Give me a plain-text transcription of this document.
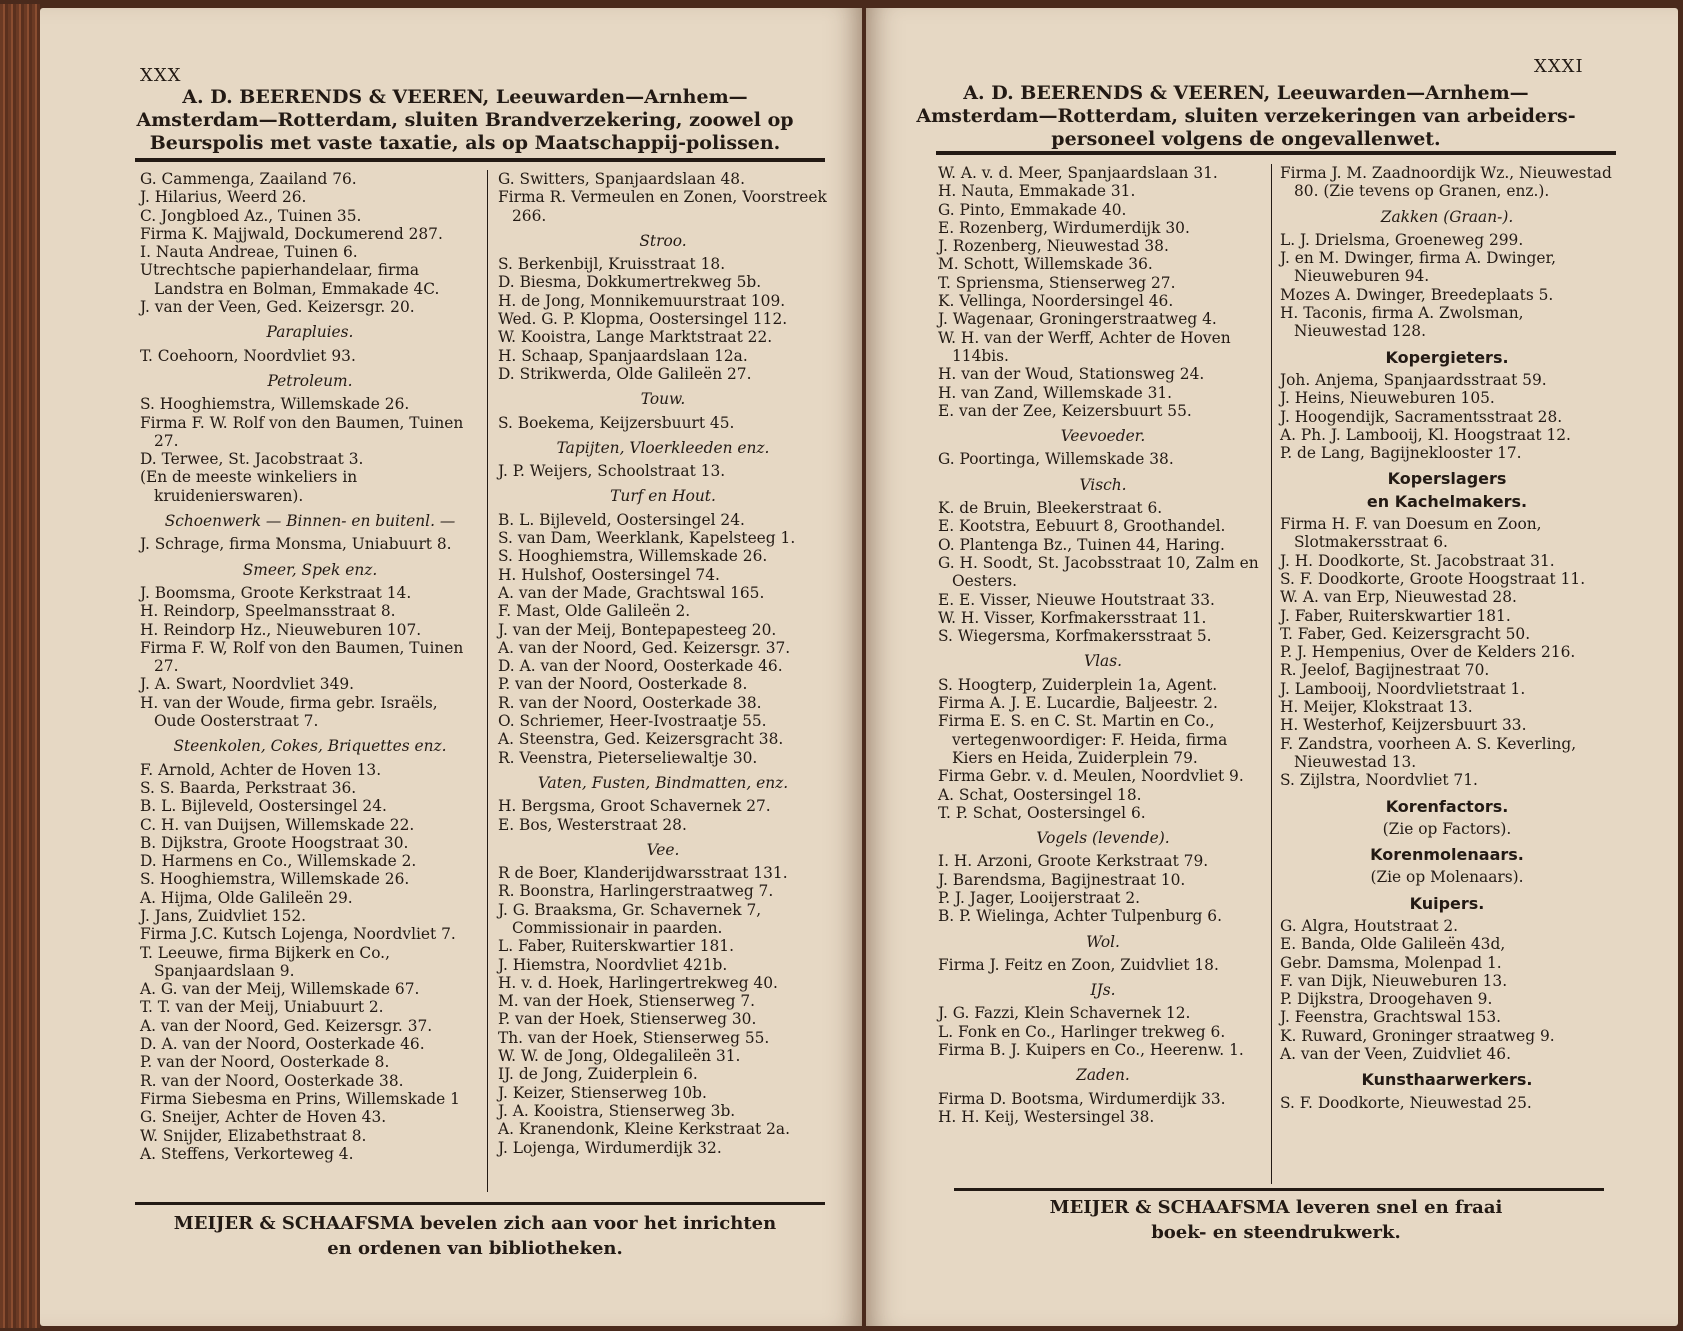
XXX
A. D. BEERENDS & VEEREN, Leeuwarden—Arnhem—
Amsterdam—Rotterdam, sluiten Brandverzekering, zoowel op
Beurspolis met vaste taxatie, als op Maatschappij-polissen.
G. Cammenga, Zaailand 76.
J. Hilarius, Weerd 26.
C. Jongbloed Az., Tuinen 35.
Firma K. Majjwald, Dockumerend 287.
I. Nauta Andreae, Tuinen 6.
Utrechtsche papierhandelaar, firma Landstra en Bolman, Emmakade 4C.
J. van der Veen, Ged. Keizersgr. 20.
Parapluies.
T. Coehoorn, Noordvliet 93.
Petroleum.
S. Hooghiemstra, Willemskade 26.
Firma F. W. Rolf von den Baumen, Tuinen 27.
D. Terwee, St. Jacobstraat 3.
(En de meeste winkeliers in kruidenierswaren).
Schoenwerk — Binnen- en buitenl. —
J. Schrage, firma Monsma, Uniabuurt 8.
Smeer, Spek enz.
J. Boomsma, Groote Kerkstraat 14.
H. Reindorp, Speelmansstraat 8.
H. Reindorp Hz., Nieuweburen 107.
Firma F. W, Rolf von den Baumen, Tuinen 27.
J. A. Swart, Noordvliet 349.
H. van der Woude, firma gebr. Israëls, Oude Oosterstraat 7.
Steenkolen, Cokes, Briquettes enz.
F. Arnold, Achter de Hoven 13.
S. S. Baarda, Perkstraat 36.
B. L. Bijleveld, Oostersingel 24.
C. H. van Duijsen, Willemskade 22.
B. Dijkstra, Groote Hoogstraat 30.
D. Harmens en Co., Willemskade 2.
S. Hooghiemstra, Willemskade 26.
A. Hijma, Olde Galileën 29.
J. Jans, Zuidvliet 152.
Firma J.C. Kutsch Lojenga, Noordvliet 7.
T. Leeuwe, firma Bijkerk en Co., Spanjaardslaan 9.
A. G. van der Meij, Willemskade 67.
T. T. van der Meij, Uniabuurt 2.
A. van der Noord, Ged. Keizersgr. 37.
D. A. van der Noord, Oosterkade 46.
P. van der Noord, Oosterkade 8.
R. van der Noord, Oosterkade 38.
Firma Siebesma en Prins, Willemskade 1
G. Sneijer, Achter de Hoven 43.
W. Snijder, Elizabethstraat 8.
A. Steffens, Verkorteweg 4.
G. Switters, Spanjaardslaan 48.
Firma R. Vermeulen en Zonen, Voorstreek 266.
Stroo.
S. Berkenbijl, Kruisstraat 18.
D. Biesma, Dokkumertrekweg 5b.
H. de Jong, Monnikemuurstraat 109.
Wed. G. P. Klopma, Oostersingel 112.
W. Kooistra, Lange Marktstraat 22.
H. Schaap, Spanjaardslaan 12a.
D. Strikwerda, Olde Galileën 27.
Touw.
S. Boekema, Keijzersbuurt 45.
Tapijten, Vloerkleeden enz.
J. P. Weijers, Schoolstraat 13.
Turf en Hout.
B. L. Bijleveld, Oostersingel 24.
S. van Dam, Weerklank, Kapelsteeg 1.
S. Hooghiemstra, Willemskade 26.
H. Hulshof, Oostersingel 74.
A. van der Made, Grachtswal 165.
F. Mast, Olde Galileën 2.
J. van der Meij, Bontepapesteeg 20.
A. van der Noord, Ged. Keizersgr. 37.
D. A. van der Noord, Oosterkade 46.
P. van der Noord, Oosterkade 8.
R. van der Noord, Oosterkade 38.
O. Schriemer, Heer-Ivostraatje 55.
A. Steenstra, Ged. Keizersgracht 38.
R. Veenstra, Pieterseliewaltje 30.
Vaten, Fusten, Bindmatten, enz.
H. Bergsma, Groot Schavernek 27.
E. Bos, Westerstraat 28.
Vee.
R de Boer, Klanderijdwarsstraat 131.
R. Boonstra, Harlingerstraatweg 7.
J. G. Braaksma, Gr. Schavernek 7, Commissionair in paarden.
L. Faber, Ruiterskwartier 181.
J. Hiemstra, Noordvliet 421b.
H. v. d. Hoek, Harlingertrekweg 40.
M. van der Hoek, Stienserweg 7.
P. van der Hoek, Stienserweg 30.
Th. van der Hoek, Stienserweg 55.
W. W. de Jong, Oldegalileën 31.
IJ. de Jong, Zuiderplein 6.
J. Keizer, Stienserweg 10b.
J. A. Kooistra, Stienserweg 3b.
A. Kranendonk, Kleine Kerkstraat 2a.
J. Lojenga, Wirdumerdijk 32.
MEIJER & SCHAAFSMA bevelen zich aan voor het inrichten
en ordenen van bibliotheken.
XXXI
A. D. BEERENDS & VEEREN, Leeuwarden—Arnhem—
Amsterdam—Rotterdam, sluiten verzekeringen van arbeiders-
personeel volgens de ongevallenwet.
W. A. v. d. Meer, Spanjaardslaan 31.
H. Nauta, Emmakade 31.
G. Pinto, Emmakade 40.
E. Rozenberg, Wirdumerdijk 30.
J. Rozenberg, Nieuwestad 38.
M. Schott, Willemskade 36.
T. Spriensma, Stienserweg 27.
K. Vellinga, Noordersingel 46.
J. Wagenaar, Groningerstraatweg 4.
W. H. van der Werff, Achter de Hoven 114bis.
H. van der Woud, Stationsweg 24.
H. van Zand, Willemskade 31.
E. van der Zee, Keizersbuurt 55.
Veevoeder.
G. Poortinga, Willemskade 38.
Visch.
K. de Bruin, Bleekerstraat 6.
E. Kootstra, Eebuurt 8, Groothandel.
O. Plantenga Bz., Tuinen 44, Haring.
G. H. Soodt, St. Jacobsstraat 10, Zalm en Oesters.
E. E. Visser, Nieuwe Houtstraat 33.
W. H. Visser, Korfmakersstraat 11.
S. Wiegersma, Korfmakersstraat 5.
Vlas.
S. Hoogterp, Zuiderplein 1a, Agent.
Firma A. J. E. Lucardie, Baljeestr. 2.
Firma E. S. en C. St. Martin en Co., vertegenwoordiger: F. Heida, firma Kiers en Heida, Zuiderplein 79.
Firma Gebr. v. d. Meulen, Noordvliet 9.
A. Schat, Oostersingel 18.
T. P. Schat, Oostersingel 6.
Vogels (levende).
I. H. Arzoni, Groote Kerkstraat 79.
J. Barendsma, Bagijnestraat 10.
P. J. Jager, Looijerstraat 2.
B. P. Wielinga, Achter Tulpenburg 6.
Wol.
Firma J. Feitz en Zoon, Zuidvliet 18.
IJs.
J. G. Fazzi, Klein Schavernek 12.
L. Fonk en Co., Harlinger trekweg 6.
Firma B. J. Kuipers en Co., Heerenw. 1.
Zaden.
Firma D. Bootsma, Wirdumerdijk 33.
H. H. Keij, Westersingel 38.
Firma J. M. Zaadnoordijk Wz., Nieuwestad 80. (Zie tevens op Granen, enz.).
Zakken (Graan-).
L. J. Drielsma, Groeneweg 299.
J. en M. Dwinger, firma A. Dwinger, Nieuweburen 94.
Mozes A. Dwinger, Breedeplaats 5.
H. Taconis, firma A. Zwolsman, Nieuwestad 128.
Kopergieters.
Joh. Anjema, Spanjaardsstraat 59.
J. Heins, Nieuweburen 105.
J. Hoogendijk, Sacramentsstraat 28.
A. Ph. J. Lambooij, Kl. Hoogstraat 12.
P. de Lang, Bagijneklooster 17.
Koperslagers
en Kachelmakers.
Firma H. F. van Doesum en Zoon, Slotmakersstraat 6.
J. H. Doodkorte, St. Jacobstraat 31.
S. F. Doodkorte, Groote Hoogstraat 11.
W. A. van Erp, Nieuwestad 28.
J. Faber, Ruiterskwartier 181.
T. Faber, Ged. Keizersgracht 50.
P. J. Hempenius, Over de Kelders 216.
R. Jeelof, Bagijnestraat 70.
J. Lambooij, Noordvlietstraat 1.
H. Meijer, Klokstraat 13.
H. Westerhof, Keijzersbuurt 33.
F. Zandstra, voorheen A. S. Keverling, Nieuwestad 13.
S. Zijlstra, Noordvliet 71.
Korenfactors.
(Zie op Factors).
Korenmolenaars.
(Zie op Molenaars).
Kuipers.
G. Algra, Houtstraat 2.
E. Banda, Olde Galileën 43d,
Gebr. Damsma, Molenpad 1.
F. van Dijk, Nieuweburen 13.
P. Dijkstra, Droogehaven 9.
J. Feenstra, Grachtswal 153.
K. Ruward, Groninger straatweg 9.
A. van der Veen, Zuidvliet 46.
Kunsthaarwerkers.
S. F. Doodkorte, Nieuwestad 25.
MEIJER & SCHAAFSMA leveren snel en fraai
boek- en steendrukwerk.
